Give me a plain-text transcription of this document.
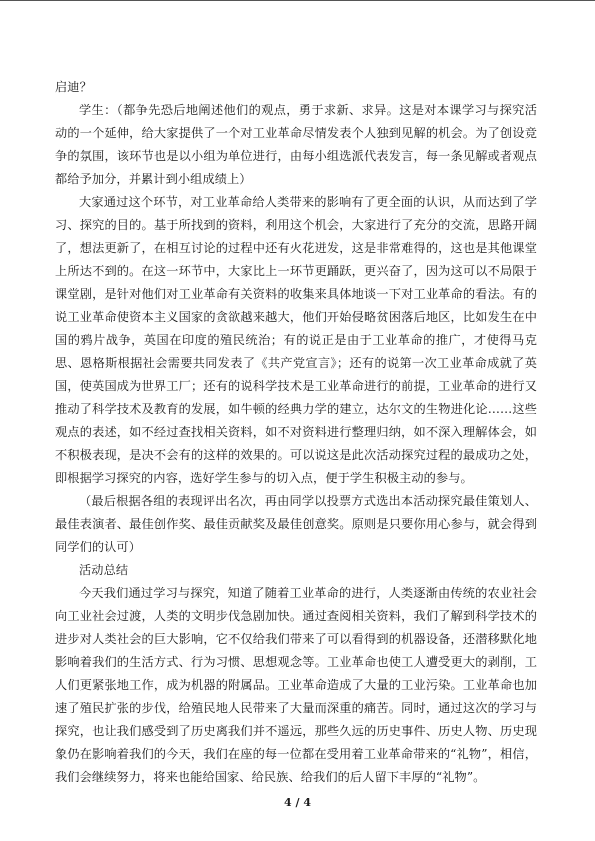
启迪？

学生：（都争先恐后地阐述他们的观点，勇于求新、求异。这是对本课学习与探究活动的一个延伸，给大家提供了一个对工业革命尽情发表个人独到见解的机会。为了创设竞争的氛围，该环节也是以小组为单位进行，由每小组选派代表发言，每一条见解或者观点都给予加分，并累计到小组成绩上）

大家通过这个环节，对工业革命给人类带来的影响有了更全面的认识，从而达到了学习、探究的目的。基于所找到的资料，利用这个机会，大家进行了充分的交流，思路开阔了，想法更新了，在相互讨论的过程中还有火花迸发，这是非常难得的，这也是其他课堂上所达不到的。在这一环节中，大家比上一环节更踊跃，更兴奋了，因为这可以不局限于课堂剧，是针对他们对工业革命有关资料的收集来具体地谈一下对工业革命的看法。有的说工业革命使资本主义国家的贪欲越来越大，他们开始侵略贫困落后地区，比如发生在中国的鸦片战争，英国在印度的殖民统治；有的说正是由于工业革命的推广，才使得马克思、恩格斯根据社会需要共同发表了《共产党宣言》；还有的说第一次工业革命成就了英国，使英国成为世界工厂；还有的说科学技术是工业革命进行的前提，工业革命的进行又推动了科学技术及教育的发展，如牛顿的经典力学的建立，达尔文的生物进化论……这些观点的表述，如不经过查找相关资料，如不对资料进行整理归纳，如不深入理解体会，如不积极表现，是决不会有的这样的效果的。可以说这是此次活动探究过程的最成功之处，即根据学习探究的内容，选好学生参与的切入点，便于学生积极主动的参与。

（最后根据各组的表现评出名次，再由同学以投票方式选出本活动探究最佳策划人、最佳表演者、最佳创作奖、最佳贡献奖及最佳创意奖。原则是只要你用心参与，就会得到同学们的认可）

活动总结

今天我们通过学习与探究，知道了随着工业革命的进行，人类逐渐由传统的农业社会向工业社会过渡，人类的文明步伐急剧加快。通过查阅相关资料，我们了解到科学技术的进步对人类社会的巨大影响，它不仅给我们带来了可以看得到的机器设备，还潜移默化地影响着我们的生活方式、行为习惯、思想观念等。工业革命也使工人遭受更大的剥削，工人们更紧张地工作，成为机器的附属品。工业革命造成了大量的工业污染。工业革命也加速了殖民扩张的步伐，给殖民地人民带来了大量而深重的痛苦。同时，通过这次的学习与探究，也让我们感受到了历史离我们并不遥远，那些久远的历史事件、历史人物、历史现象仍在影响着我们的今天，我们在座的每一位都在受用着工业革命带来的“礼物”，相信，我们会继续努力，将来也能给国家、给民族、给我们的后人留下丰厚的“礼物”。

4 / 4
